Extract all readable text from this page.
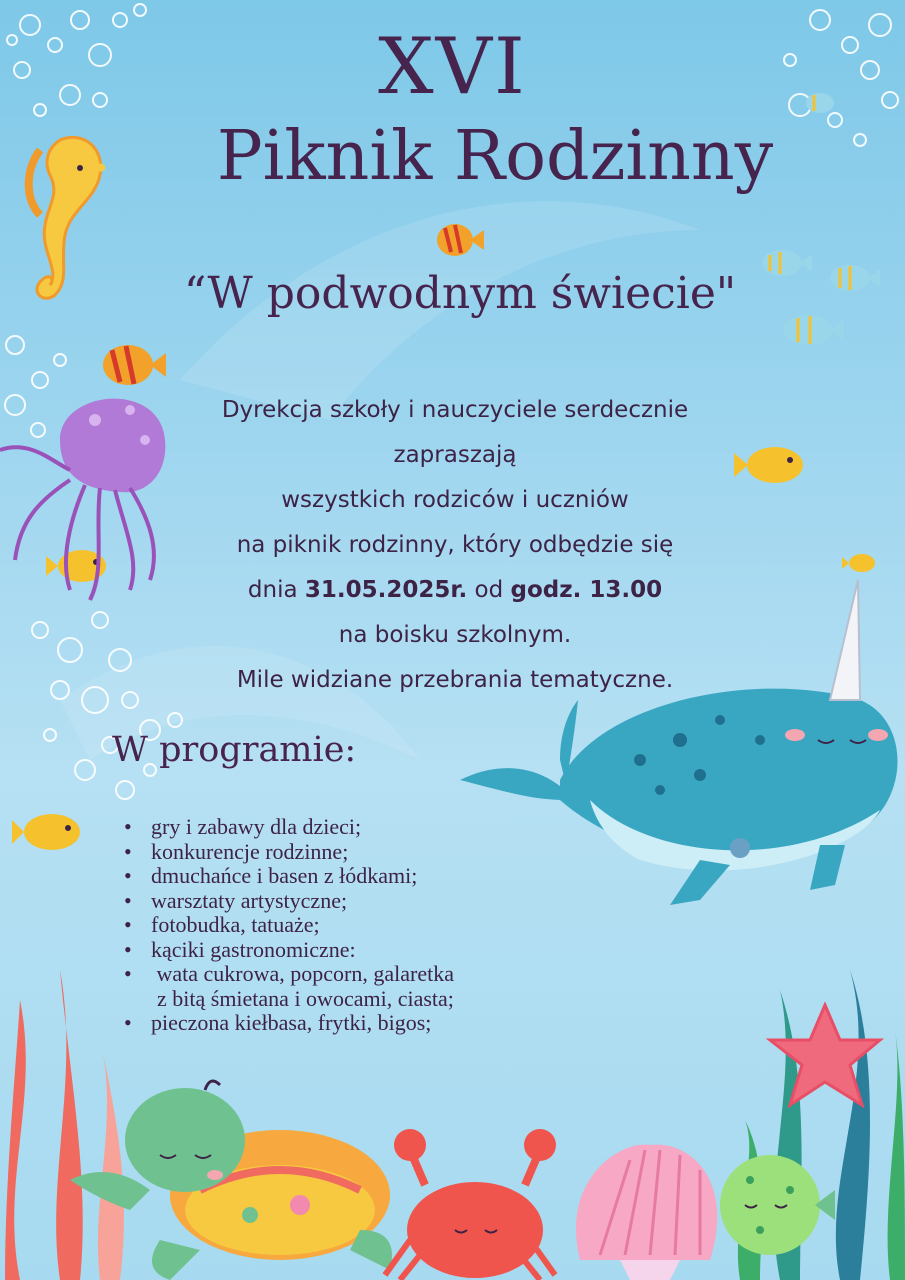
XVI
Piknik Rodzinny
“W podwodnym świecie"
Dyrekcja szkoły i nauczyciele serdecznie
zapraszają
wszystkich rodziców i uczniów
na piknik rodzinny, który odbędzie się
dnia 31.05.2025r. od godz. 13.00
na boisku szkolnym.
Mile widziane przebrania tematyczne.
W programie:
• gry i zabawy dla dzieci;
• konkurencje rodzinne;
• dmuchańce i basen z łódkami;
• warsztaty artystyczne;
• fotobudka, tatuaże;
• kąciki gastronomiczne:
• wata cukrowa, popcorn, galaretka
z bitą śmietana i owocami, ciasta;
• pieczona kiełbasa, frytki, bigos;
